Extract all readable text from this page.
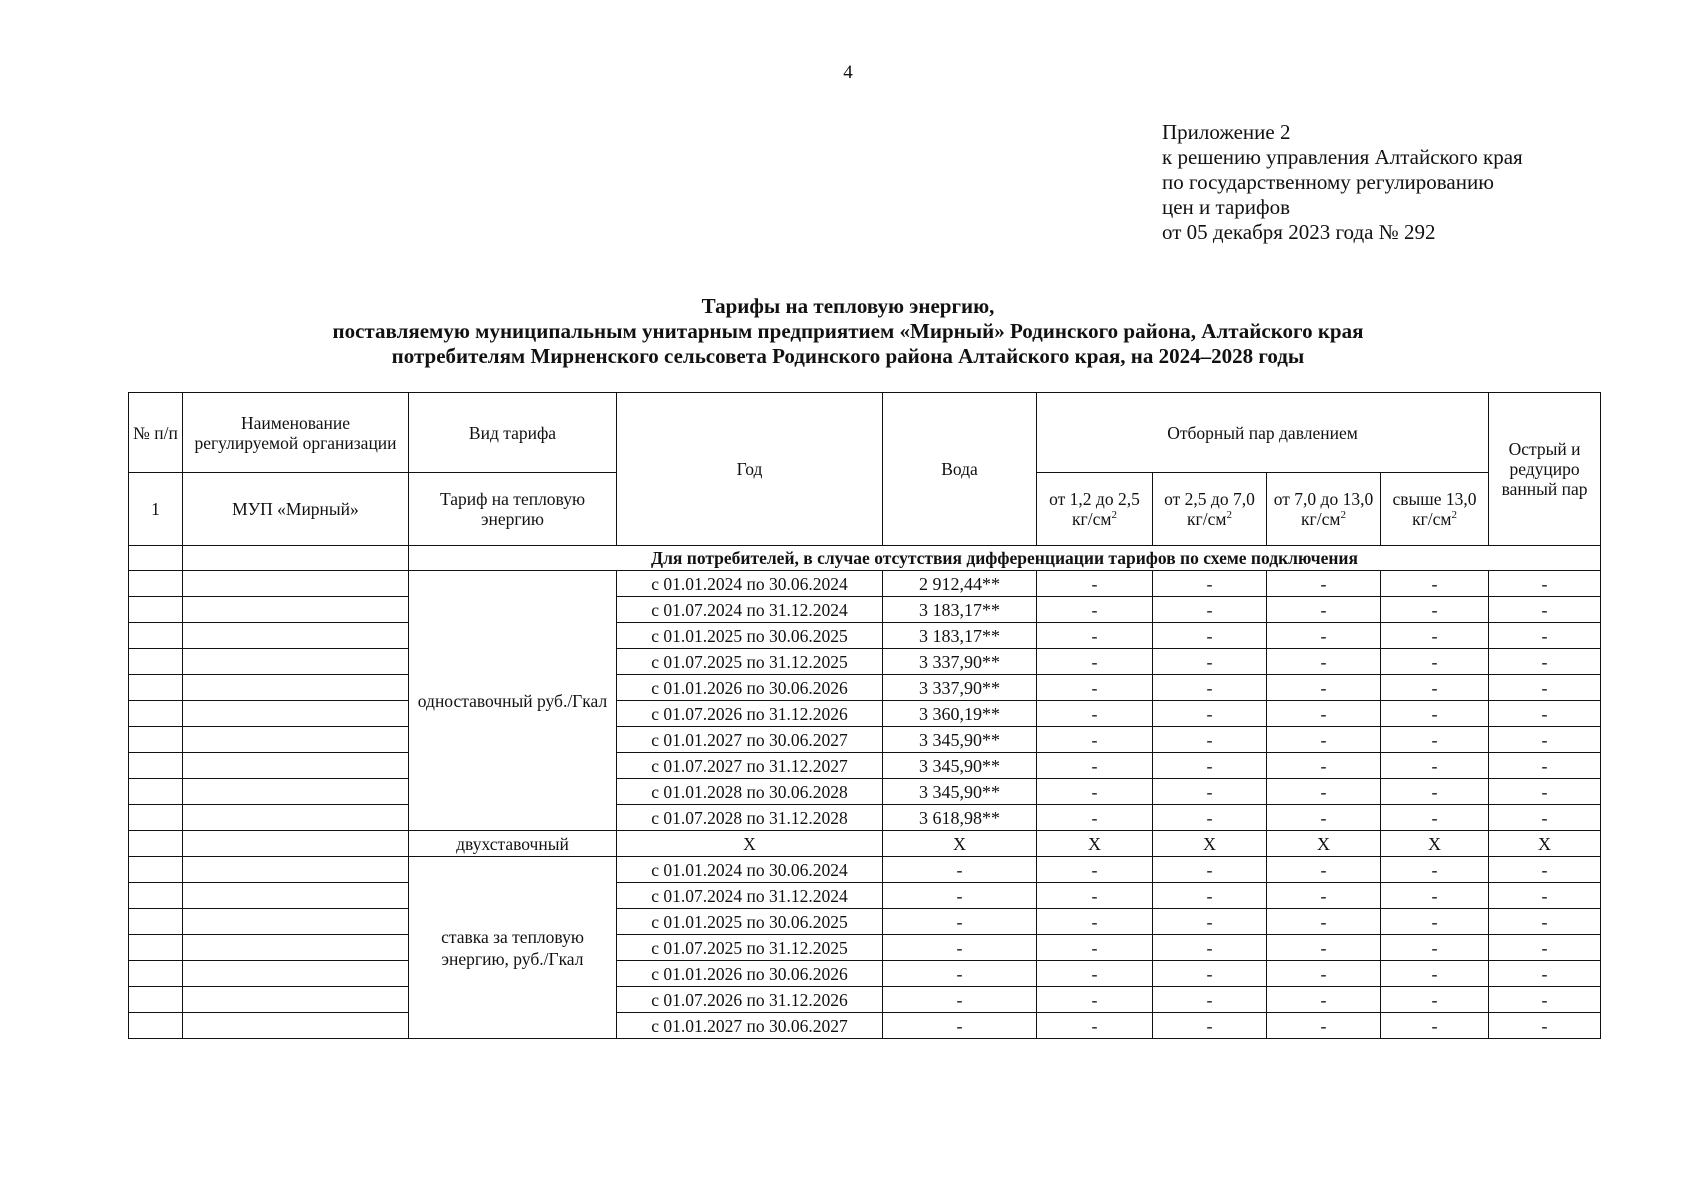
4
Приложение 2
к решению управления Алтайского края
по государственному регулированию
цен и тарифов
от 05 декабря 2023 года № 292
Тарифы на тепловую энергию,
поставляемую муниципальным унитарным предприятием «Мирный» Родинского района, Алтайского края
потребителям Мирненского сельсовета Родинского района Алтайского края, на 2024–2028 годы
№ п/п	Наименование регулируемой организации	Вид тарифа	Год	Вода	Отборный пар давлением				Острый и редуциро ванный пар
1	МУП «Мирный»	Тариф на тепловую энергию			от 1,2 до 2,5 $кг/см^2$	от 2,5 до 7,0 $кг/см^2$	от 7,0 до 13,0 $кг/см^2$	свыше 13,0 $кг/см^2$
		Для потребителей, в случае отсутствия дифференциации тарифов по схеме подключения							
		одноставочный руб./Гкал	с 01.01.2024 по 30.06.2024	2 912,44**	-	-	-	-	-
			с 01.07.2024 по 31.12.2024	3 183,17**	-	-	-	-	-
			с 01.01.2025 по 30.06.2025	3 183,17**	-	-	-	-	-
			с 01.07.2025 по 31.12.2025	3 337,90**	-	-	-	-	-
			с 01.01.2026 по 30.06.2026	3 337,90**	-	-	-	-	-
			с 01.07.2026 по 31.12.2026	3 360,19**	-	-	-	-	-
			с 01.01.2027 по 30.06.2027	3 345,90**	-	-	-	-	-
			с 01.07.2027 по 31.12.2027	3 345,90**	-	-	-	-	-
			с 01.01.2028 по 30.06.2028	3 345,90**	-	-	-	-	-
			с 01.07.2028 по 31.12.2028	3 618,98**	-	-	-	-	-
		двухставочный	X	X	X	X	X	X	X
		ставка за тепловую энергию, руб./Гкал	с 01.01.2024 по 30.06.2024	-	-	-	-	-	-
			с 01.07.2024 по 31.12.2024	-	-	-	-	-	-
			с 01.01.2025 по 30.06.2025	-	-	-	-	-	-
			с 01.07.2025 по 31.12.2025	-	-	-	-	-	-
			с 01.01.2026 по 30.06.2026	-	-	-	-	-	-
			с 01.07.2026 по 31.12.2026	-	-	-	-	-	-
			с 01.01.2027 по 30.06.2027	-	-	-	-	-	-
